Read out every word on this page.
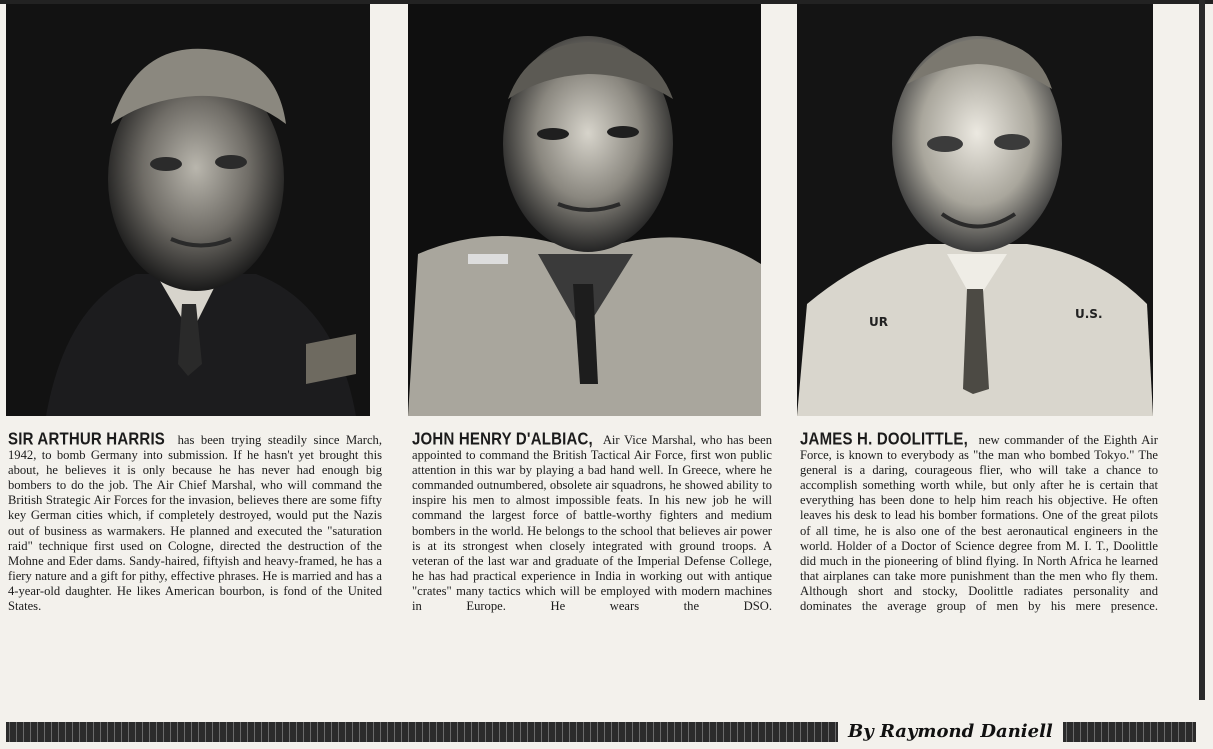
UR
U.S.

SIR ARTHUR HARRIS has been trying steadily since March, 1942, to bomb Germany into submission. If he hasn't yet brought this about, he believes it is only because he has never had enough big bombers to do the job. The Air Chief Marshal, who will command the British Strategic Air Forces for the invasion, believes there are some fifty key German cities which, if completely destroyed, would put the Nazis out of business as warmakers. He planned and executed the "saturation raid" technique first used on Cologne, directed the destruction of the Mohne and Eder dams. Sandy-haired, fiftyish and heavy-framed, he has a fiery nature and a gift for pithy, effective phrases. He is married and has a 4-year-old daughter. He likes American bourbon, is fond of the United States.

JOHN HENRY D'ALBIAC, Air Vice Marshal, who has been appointed to command the British Tactical Air Force, first won public attention in this war by playing a bad hand well. In Greece, where he commanded outnumbered, obsolete air squadrons, he showed ability to inspire his men to almost impossible feats. In his new job he will command the largest force of battle-worthy fighters and medium bombers in the world. He belongs to the school that believes air power is at its strongest when closely integrated with ground troops. A veteran of the last war and graduate of the Imperial Defense College, he has had practical experience in India in working out with antique "crates" many tactics which will be employed with modern machines in Europe. He wears the DSO.

JAMES H. DOOLITTLE, new commander of the Eighth Air Force, is known to everybody as "the man who bombed Tokyo." The general is a daring, courageous flier, who will take a chance to accomplish something worth while, but only after he is certain that everything has been done to help him reach his objective. He often leaves his desk to lead his bomber formations. One of the great pilots of all time, he is also one of the best aeronautical engineers in the world. Holder of a Doctor of Science degree from M. I. T., Doolittle did much in the pioneering of blind flying. In North Africa he learned that airplanes can take more punishment than the men who fly them. Although short and stocky, Doolittle radiates personality and dominates the average group of men by his mere presence.

By Raymond Daniell
